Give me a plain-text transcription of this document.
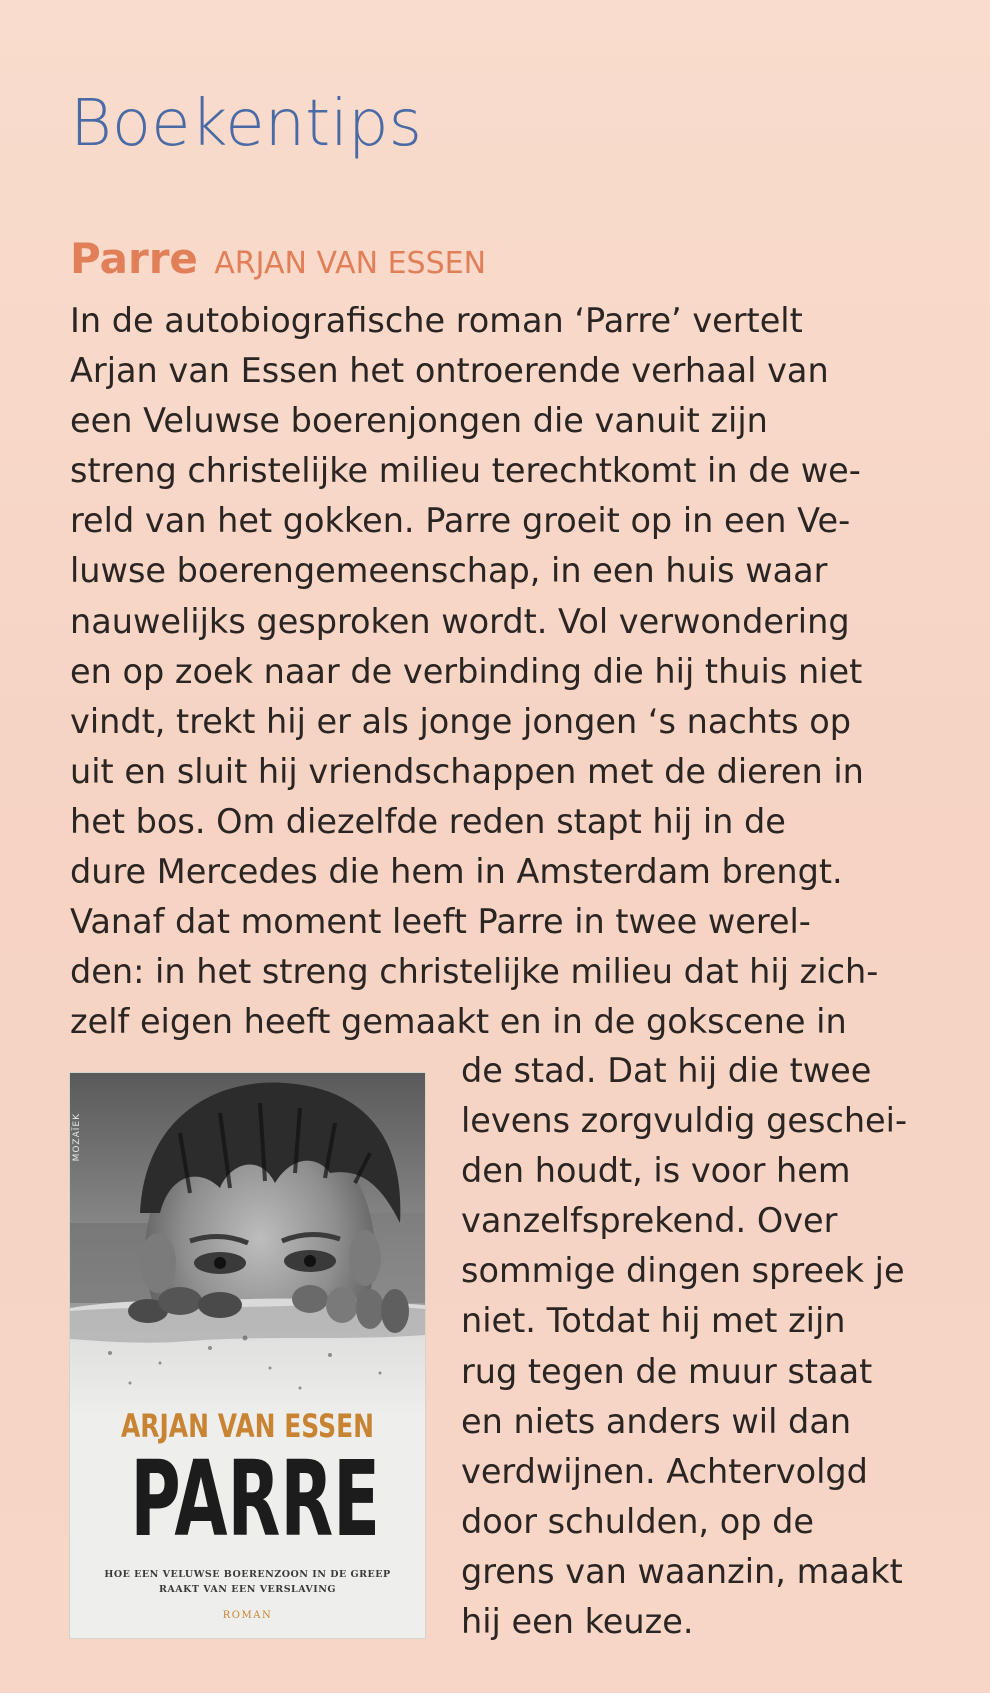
Boekentips
Parre ARJAN VAN ESSEN
In de autobiografische roman ‘Parre’ vertelt
Arjan van Essen het ontroerende verhaal van
een Veluwse boerenjongen die vanuit zijn
streng christelijke milieu terechtkomt in de we-
reld van het gokken. Parre groeit op in een Ve-
luwse boerengemeenschap, in een huis waar
nauwelijks gesproken wordt. Vol verwondering
en op zoek naar de verbinding die hij thuis niet
vindt, trekt hij er als jonge jongen ‘s nachts op
uit en sluit hij vriendschappen met de dieren in
het bos. Om diezelfde reden stapt hij in de
dure Mercedes die hem in Amsterdam brengt.
Vanaf dat moment leeft Parre in twee werel-
den: in het streng christelijke milieu dat hij zich-
zelf eigen heeft gemaakt en in de gokscene in
MOZAÏEK
ARJAN VAN ESSEN
PARRE
HOE EEN VELUWSE BOERENZOON IN DE GREEP RAAKT VAN EEN VERSLAVING
ROMAN
de stad. Dat hij die twee
levens zorgvuldig geschei-
den houdt, is voor hem
vanzelfsprekend. Over
sommige dingen spreek je
niet. Totdat hij met zijn
rug tegen de muur staat
en niets anders wil dan
verdwijnen. Achtervolgd
door schulden, op de
grens van waanzin, maakt
hij een keuze.
